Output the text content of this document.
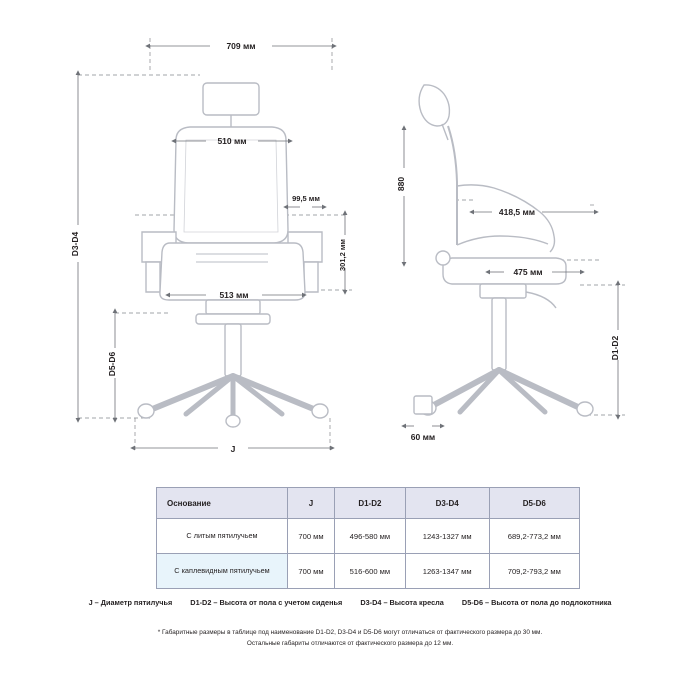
709 мм
510 мм
99,5 мм
513 мм
301,2 мм
D3-D4
D5-D6
J
880
418,5 мм
475 мм
D1-D2
60 мм
Основание	J	D1-D2	D3-D4	D5-D6
С литым пятилучьем	700 мм	496-580 мм	1243-1327 мм	689,2-773,2 мм
С каплевидным пятилучьем	700 мм	516-600 мм	1263-1347 мм	709,2-793,2 мм
J – Диаметр пятилучья D1-D2 – Высота от пола с учетом сиденья D3-D4 – Высота кресла D5-D6 – Высота от пола до подлокотника
* Габаритные размеры в таблице под наименование D1-D2, D3-D4 и D5-D6 могут отличаться от фактического размера до 30 мм.
Остальные габариты отличаются от фактического размера до 12 мм.
